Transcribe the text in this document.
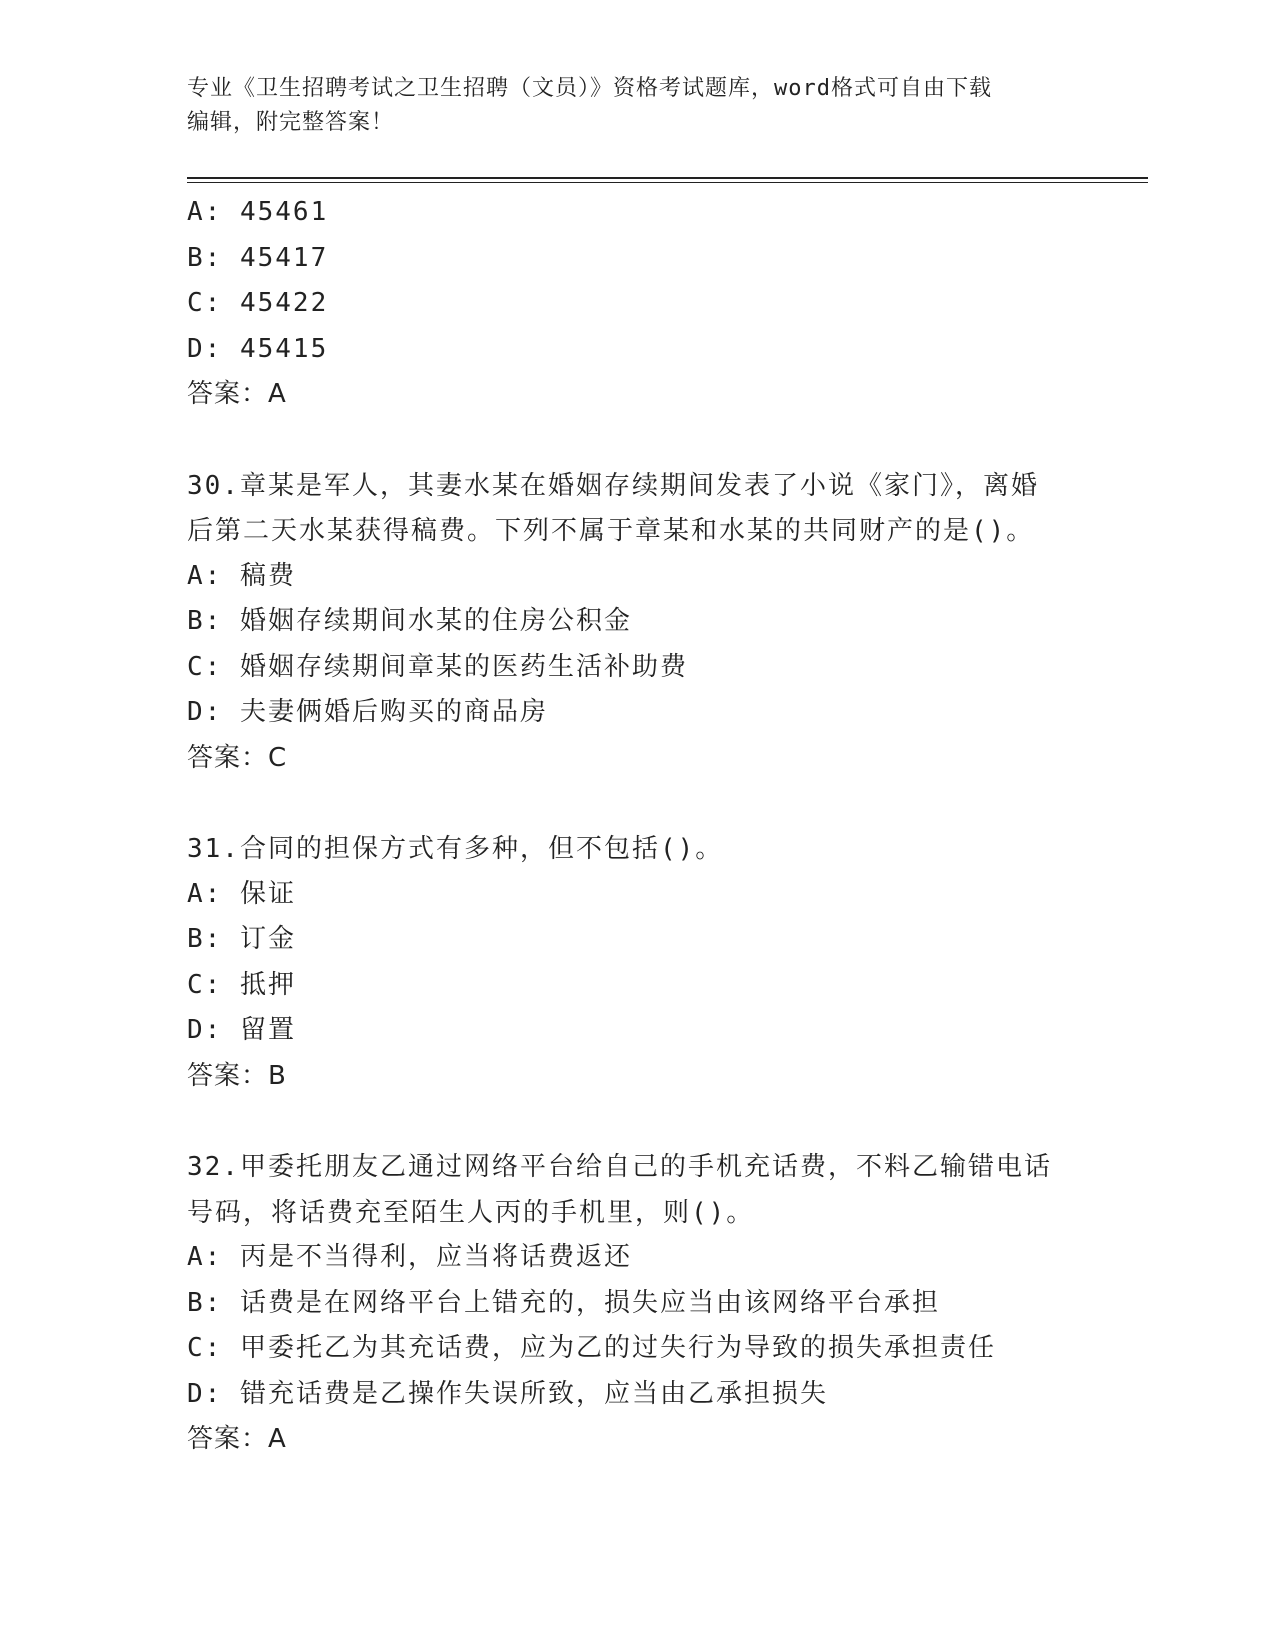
专业《卫生招聘考试之卫生招聘（文员）》资格考试题库，word格式可自由下载
编辑，附完整答案！
A: 45461
B: 45417
C: 45422
D: 45415
答案：A
30.章某是军人，其妻水某在婚姻存续期间发表了小说《家门》，离婚
后第二天水某获得稿费。下列不属于章某和水某的共同财产的是()。
A: 稿费
B: 婚姻存续期间水某的住房公积金
C: 婚姻存续期间章某的医药生活补助费
D: 夫妻俩婚后购买的商品房
答案：C
31.合同的担保方式有多种，但不包括()。
A: 保证
B: 订金
C: 抵押
D: 留置
答案：B
32.甲委托朋友乙通过网络平台给自己的手机充话费，不料乙输错电话
号码，将话费充至陌生人丙的手机里，则()。
A: 丙是不当得利，应当将话费返还
B: 话费是在网络平台上错充的，损失应当由该网络平台承担
C: 甲委托乙为其充话费，应为乙的过失行为导致的损失承担责任
D: 错充话费是乙操作失误所致，应当由乙承担损失
答案：A
